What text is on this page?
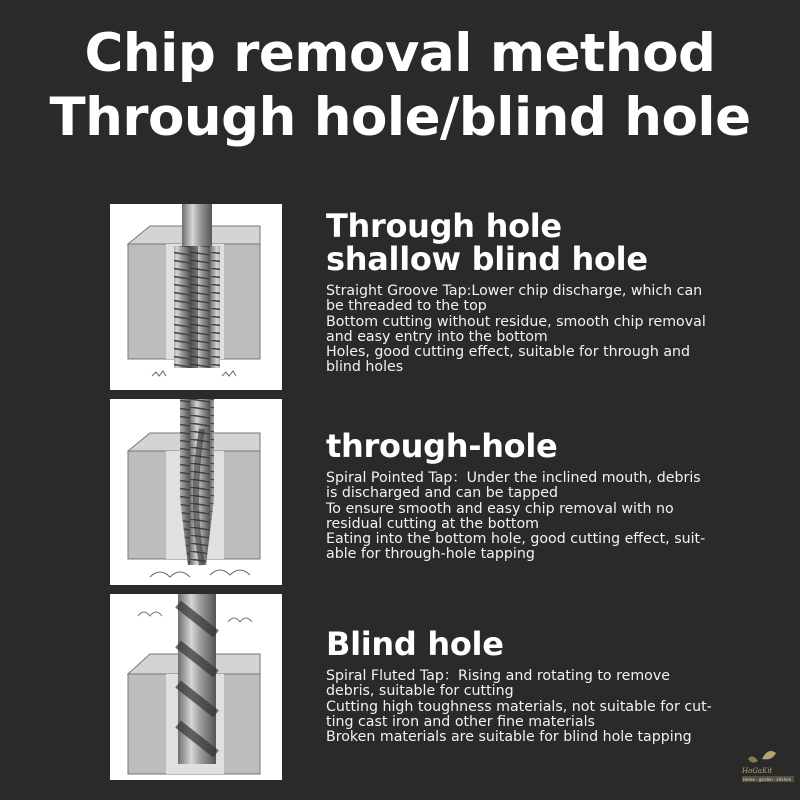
Chip removal method
Through hole/blind hole
Through hole
shallow blind hole
Straight Groove Tap:Lower chip discharge, which can
be threaded to the top
Bottom cutting without residue, smooth chip removal
and easy entry into the bottom
Holes, good cutting effect, suitable for through and
blind holes
through-hole
Spiral Pointed Tap：Under the inclined mouth, debris
is discharged and can be tapped
To ensure smooth and easy chip removal with no
residual cutting at the bottom
Eating into the bottom hole, good cutting effect, suit-
able for through-hole tapping
Blind hole
Spiral Fluted Tap：Rising and rotating to remove
debris, suitable for cutting
Cutting high toughness materials, not suitable for cut-
ting cast iron and other fine materials
Broken materials are suitable for blind hole tapping
HoGaKit
Home · garden · kitchen
